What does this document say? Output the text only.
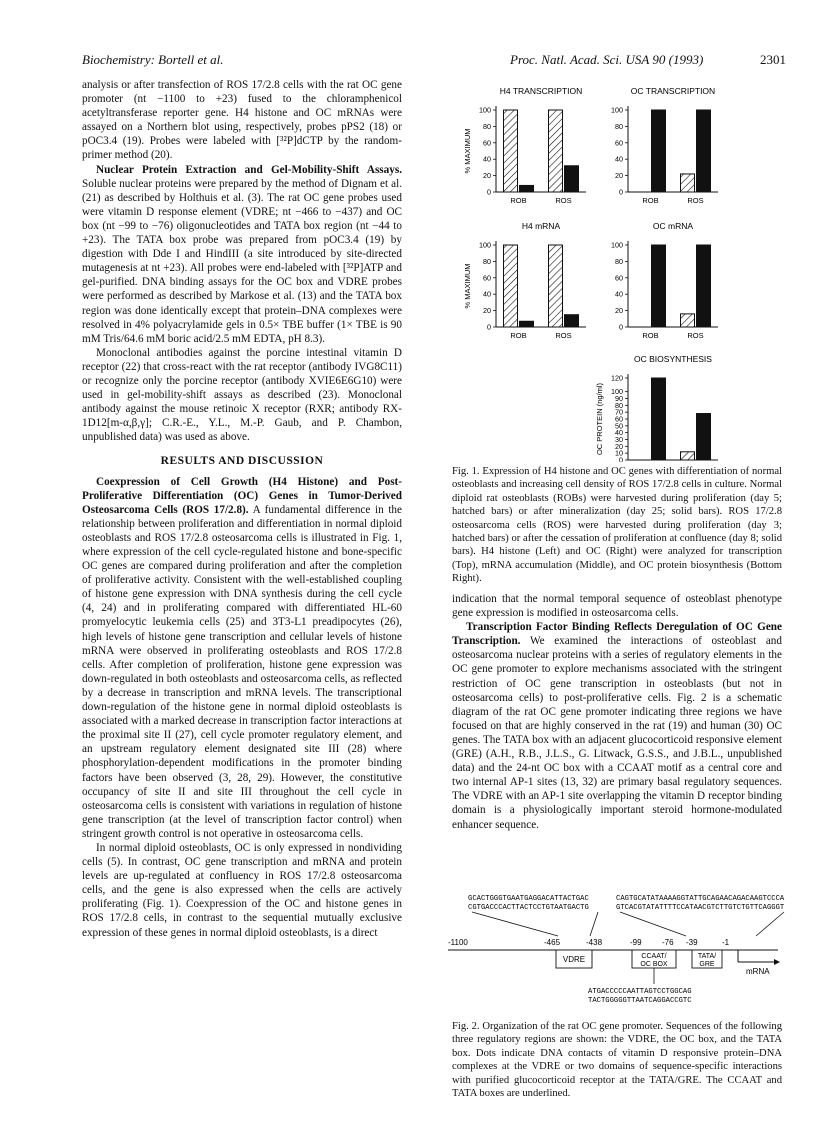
Biochemistry: Bortell et al.	Proc. Natl. Acad. Sci. USA 90 (1993)	2301

analysis or after transfection of ROS 17/2.8 cells with the rat OC gene promoter (nt −1100 to +23) fused to the chloramphenicol acetyltransferase reporter gene. H4 histone and OC mRNAs were assayed on a Northern blot using, respectively, probes pPS2 (18) or pOC3.4 (19). Probes were labeled with [³²P]dCTP by the random-primer method (20).

Nuclear Protein Extraction and Gel-Mobility-Shift Assays. Soluble nuclear proteins were prepared by the method of Dignam et al. (21) as described by Holthuis et al. (3). The rat OC gene probes used were vitamin D response element (VDRE; nt −466 to −437) and OC box (nt −99 to −76) oligonucleotides and TATA box region (nt −44 to +23). The TATA box probe was prepared from pOC3.4 (19) by digestion with Dde I and HindIII (a site introduced by site-directed mutagenesis at nt +23). All probes were end-labeled with [³²P]ATP and gel-purified. DNA binding assays for the OC box and VDRE probes were performed as described by Markose et al. (13) and the TATA box region was done identically except that protein–DNA complexes were resolved in 4% polyacrylamide gels in 0.5× TBE buffer (1× TBE is 90 mM Tris/64.6 mM boric acid/2.5 mM EDTA, pH 8.3).

Monoclonal antibodies against the porcine intestinal vitamin D receptor (22) that cross-react with the rat receptor (antibody IVG8C11) or recognize only the porcine receptor (antibody XVIE6E6G10) were used in gel-mobility-shift assays as described (23). Monoclonal antibody against the mouse retinoic X receptor (RXR; antibody RX-1D12[m-α,β,γ]; C.R.-E., Y.L., M.-P. Gaub, and P. Chambon, unpublished data) was used as above.

RESULTS AND DISCUSSION

Coexpression of Cell Growth (H4 Histone) and Post-Proliferative Differentiation (OC) Genes in Tumor-Derived Osteosarcoma Cells (ROS 17/2.8). A fundamental difference in the relationship between proliferation and differentiation in normal diploid osteoblasts and ROS 17/2.8 osteosarcoma cells is illustrated in Fig. 1, where expression of the cell cycle-regulated histone and bone-specific OC genes are compared during proliferation and after the completion of proliferative activity. Consistent with the well-established coupling of histone gene expression with DNA synthesis during the cell cycle (4, 24) and in proliferating compared with differentiated HL-60 promyelocytic leukemia cells (25) and 3T3-L1 preadipocytes (26), high levels of histone gene transcription and cellular levels of histone mRNA were observed in proliferating osteoblasts and ROS 17/2.8 cells. After completion of proliferation, histone gene expression was down-regulated in both osteoblasts and osteosarcoma cells, as reflected by a decrease in transcription and mRNA levels. The transcriptional down-regulation of the histone gene in normal diploid osteoblasts is associated with a marked decrease in transcription factor interactions at the proximal site II (27), cell cycle promoter regulatory element, and an upstream regulatory element designated site III (28) where phosphorylation-dependent modifications in the promoter binding factors have been observed (3, 28, 29). However, the constitutive occupancy of site II and site III throughout the cell cycle in osteosarcoma cells is consistent with variations in regulation of histone gene transcription (at the level of transcription factor control) when stringent growth control is not operative in osteosarcoma cells.

In normal diploid osteoblasts, OC is only expressed in nondividing cells (5). In contrast, OC gene transcription and mRNA and protein levels are up-regulated at confluency in ROS 17/2.8 osteosarcoma cells, and the gene is also expressed when the cells are actively proliferating (Fig. 1). Coexpression of the OC and histone genes in ROS 17/2.8 cells, in contrast to the sequential mutually exclusive expression of these genes in normal diploid osteoblasts, is a direct

H4 TRANSCRIPTION
0
20
40
60
80
100
% MAXIMUM
ROB	ROS
OC TRANSCRIPTION
0
20
40
60
80
100
ROB	ROS
H4 mRNA
0
20
40
60
80
100
% MAXIMUM
ROB	ROS
OC mRNA
0
20
40
60
80
100
ROB	ROS
OC BIOSYNTHESIS
0
10
20
30
40
50
60
70
80
90
100
120
OC PROTEIN (ng/ml)
Fig. 1. Expression of H4 histone and OC genes with differentiation of normal osteoblasts and increasing cell density of ROS 17/2.8 cells in culture. Normal diploid rat osteoblasts (ROBs) were harvested during proliferation (day 5; hatched bars) or after mineralization (day 25; solid bars). ROS 17/2.8 osteosarcoma cells (ROS) were harvested during proliferation (day 3; hatched bars) or after the cessation of proliferation at confluence (day 8; solid bars). H4 histone (Left) and OC (Right) were analyzed for transcription (Top), mRNA accumulation (Middle), and OC protein biosynthesis (Bottom Right).

indication that the normal temporal sequence of osteoblast phenotype gene expression is modified in osteosarcoma cells.

Transcription Factor Binding Reflects Deregulation of OC Gene Transcription. We examined the interactions of osteoblast and osteosarcoma nuclear proteins with a series of regulatory elements in the OC gene promoter to explore mechanisms associated with the stringent restriction of OC gene transcription in osteoblasts (but not in osteosarcoma cells) to post-proliferative cells. Fig. 2 is a schematic diagram of the rat OC gene promoter indicating three regions we have focused on that are highly conserved in the rat (19) and human (30) OC genes. The TATA box with an adjacent glucocorticoid responsive element (GRE) (A.H., R.B., J.L.S., G. Litwack, G.S.S., and J.B.L., unpublished data) and the 24-nt OC box with a CCAAT motif as a central core and two internal AP-1 sites (13, 32) are primary basal regulatory sequences. The VDRE with an AP-1 site overlapping the vitamin D receptor binding domain is a physiologically important steroid hormone-modulated enhancer sequence.

GCACTGGGTGAATGAGGACATTACTGAC
CGTGACCCACTTACTCCTGTAATGACTG
CAGTGCATATAAAAGGTATTGCAGAACAGACAAGTCCCA
GTCACGTATATTTTCCATAACGTCTTGTCTGTTCAGGGT
-1100	-465	-438	-99	-76 -39	-1
VDRE	CCAAT/
OC BOX
TATA/
GRE
mRNA
ATGACCCCCAATTAGTCCTGGCAG
TACTGGGGGTTAATCAGGACCGTC
Fig. 2. Organization of the rat OC gene promoter. Sequences of the following three regulatory regions are shown: the VDRE, the OC box, and the TATA box. Dots indicate DNA contacts of vitamin D responsive protein–DNA complexes at the VDRE or two domains of sequence-specific interactions with purified glucocorticoid receptor at the TATA/GRE. The CCAAT and TATA boxes are underlined.
